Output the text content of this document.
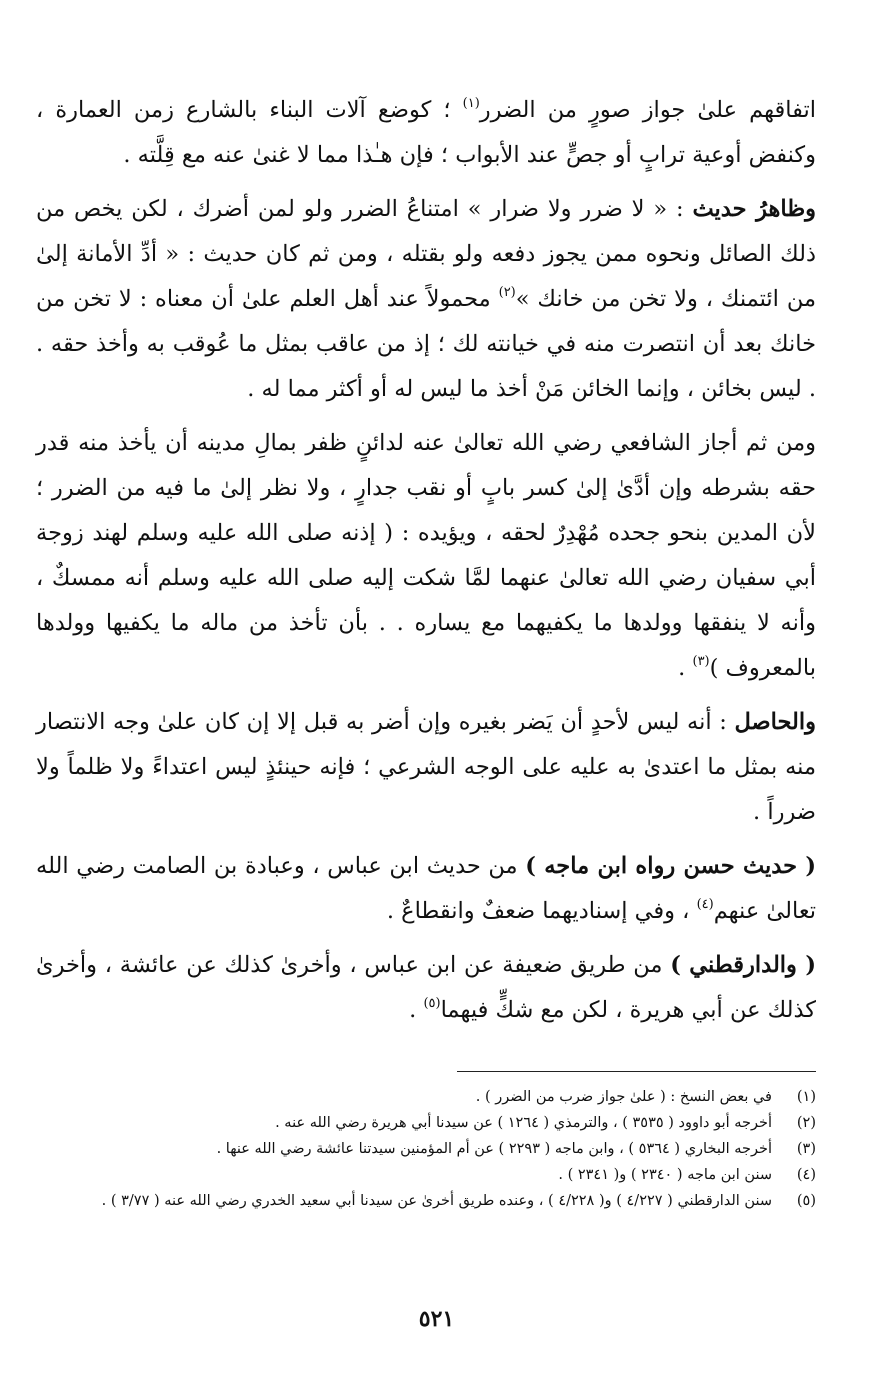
اتفاقهم علىٰ جواز صورٍ من الضرر$^{(١)}$ ؛ كوضع آلات البناء بالشارع زمن العمارة ، وكنفض أوعية ترابٍ أو جصٍّ عند الأبواب ؛ فإن هـٰذا مما لا غنىٰ عنه مع قِلَّته .

وظاهرُ حديث : « لا ضرر ولا ضرار » امتناعُ الضرر ولو لمن أضرك ، لكن يخص من ذلك الصائل ونحوه ممن يجوز دفعه ولو بقتله ، ومن ثم كان حديث : « أدِّ الأمانة إلىٰ من ائتمنك ، ولا تخن من خانك »$^{(٢)}$ محمولاً عند أهل العلم علىٰ أن معناه : لا تخن من خانك بعد أن انتصرت منه في خيانته لك ؛ إذ من عاقب بمثل ما عُوقب به وأخذ حقه . . ليس بخائن ، وإنما الخائن مَنْ أخذ ما ليس له أو أكثر مما له .

ومن ثم أجاز الشافعي رضي الله تعالىٰ عنه لدائنٍ ظفر بمالِ مدينه أن يأخذ منه قدر حقه بشرطه وإن أدَّىٰ إلىٰ كسر بابٍ أو نقب جدارٍ ، ولا نظر إلىٰ ما فيه من الضرر ؛ لأن المدين بنحو جحده مُهْدِرٌ لحقه ، ويؤيده : ( إذنه صلى الله عليه وسلم لهند زوجة أبي سفيان رضي الله تعالىٰ عنهما لمَّا شكت إليه صلى الله عليه وسلم أنه ممسكٌ ، وأنه لا ينفقها وولدها ما يكفيهما مع يساره . . بأن تأخذ من ماله ما يكفيها وولدها بالمعروف )$^{(٣)}$ .

والحاصل : أنه ليس لأحدٍ أن يَضر بغيره وإن أضر به قبل إلا إن كان علىٰ وجه الانتصار منه بمثل ما اعتدىٰ به عليه على الوجه الشرعي ؛ فإنه حينئذٍ ليس اعتداءً ولا ظلماً ولا ضرراً .

( حديث حسن رواه ابن ماجه ) من حديث ابن عباس ، وعبادة بن الصامت رضي الله تعالىٰ عنهم$^{(٤)}$ ، وفي إسناديهما ضعفٌ وانقطاعٌ .

( والدارقطني ) من طريق ضعيفة عن ابن عباس ، وأخرىٰ كذلك عن عائشة ، وأخرىٰ كذلك عن أبي هريرة ، لكن مع شكٍّ فيهما$^{(٥)}$ .

(١)
في بعض النسخ : ( علىٰ جواز ضرب من الضرر ) .
(٢)
أخرجه أبو داوود ( ٣٥٣٥ ) ، والترمذي ( ١٢٦٤ ) عن سيدنا أبي هريرة رضي الله عنه .
(٣)
أخرجه البخاري ( ٥٣٦٤ ) ، وابن ماجه ( ٢٢٩٣ ) عن أم المؤمنين سيدتنا عائشة رضي الله عنها .
(٤)
سنن ابن ماجه ( ٢٣٤٠ ) و( ٢٣٤١ ) .
(٥)
سنن الدارقطني ( ٤/٢٢٧ ) و( ٤/٢٢٨ ) ، وعنده طريق أخرىٰ عن سيدنا أبي سعيد الخدري رضي الله عنه ( ٣/٧٧ ) .
٥٢١
